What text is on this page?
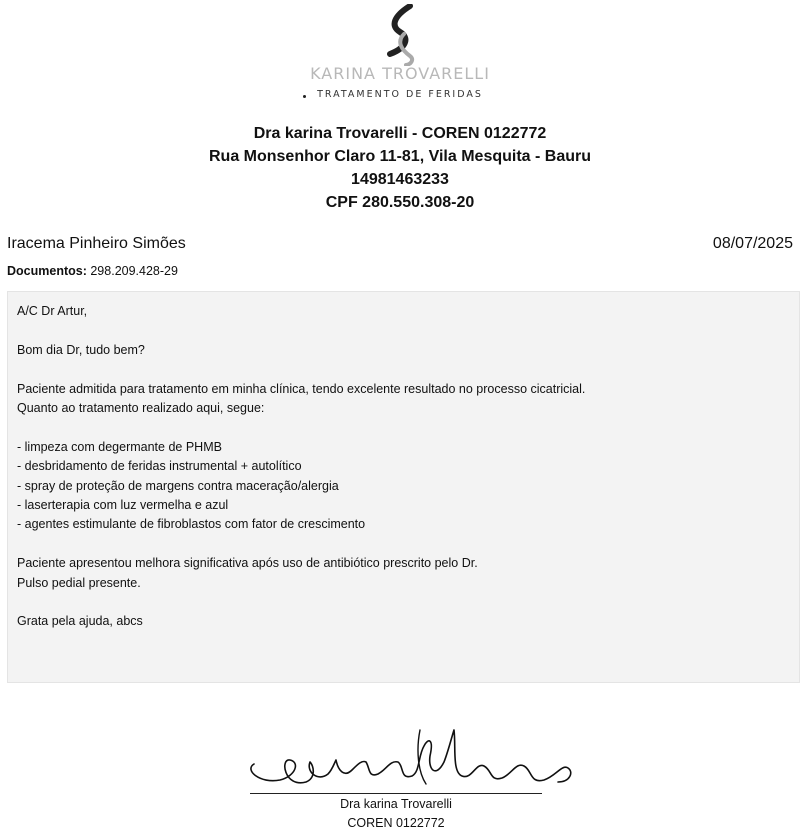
KARINA TROVARELLI
TRATAMENTO DE FERIDAS
Dra karina Trovarelli - COREN 0122772
Rua Monsenhor Claro 11-81, Vila Mesquita - Bauru
14981463233
CPF 280.550.308-20
Iracema Pinheiro Simões	08/07/2025
Documentos: 298.209.428-29
A/C Dr Artur,
Bom dia Dr, tudo bem?
Paciente admitida para tratamento em minha clínica, tendo excelente resultado no processo cicatricial.
Quanto ao tratamento realizado aqui, segue:
- limpeza com degermante de PHMB
- desbridamento de feridas instrumental + autolítico
- spray de proteção de margens contra maceração/alergia
- laserterapia com luz vermelha e azul
- agentes estimulante de fibroblastos com fator de crescimento
Paciente apresentou melhora significativa após uso de antibiótico prescrito pelo Dr.
Pulso pedial presente.
Grata pela ajuda, abcs
Dra karina Trovarelli
COREN 0122772
